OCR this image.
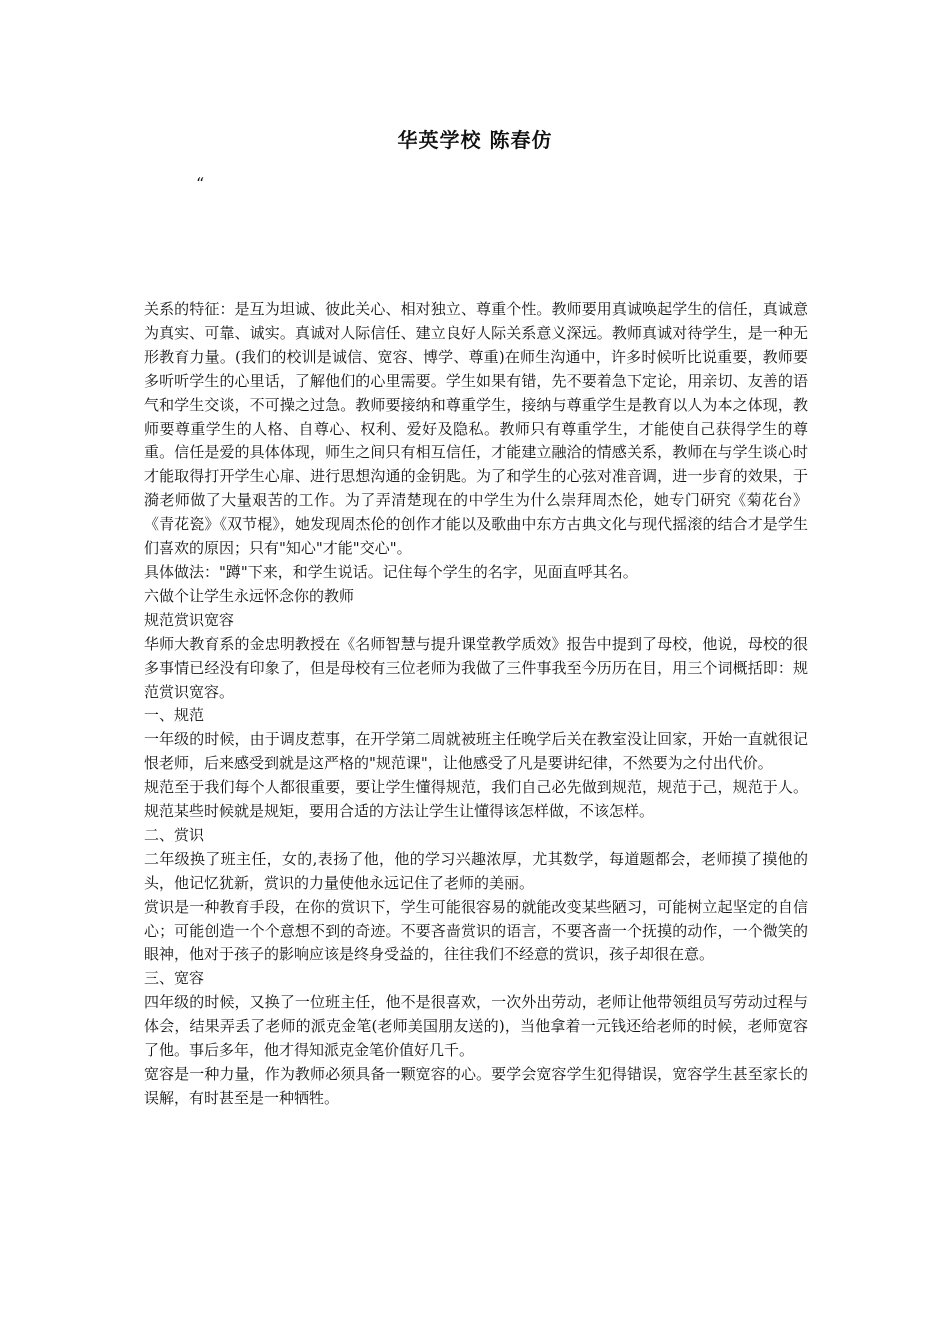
华英学校 陈春仿
“

关系的特征：是互为坦诚、彼此关心、相对独立、尊重个性。教师要用真诚唤起学生的信任，真诚意为真实、可靠、诚实。真诚对人际信任、建立良好人际关系意义深远。教师真诚对待学生，是一种无形教育力量。(我们的校训是诚信、宽容、博学、尊重)在师生沟通中，许多时候听比说重要，教师要多听听学生的心里话，了解他们的心里需要。学生如果有错，先不要着急下定论，用亲切、友善的语气和学生交谈，不可操之过急。教师要接纳和尊重学生，接纳与尊重学生是教育以人为本之体现，教师要尊重学生的人格、自尊心、权利、爱好及隐私。教师只有尊重学生，才能使自己获得学生的尊重。信任是爱的具体体现，师生之间只有相互信任，才能建立融洽的情感关系，教师在与学生谈心时才能取得打开学生心扉、进行思想沟通的金钥匙。为了和学生的心弦对准音调，进一步育的效果，于漪老师做了大量艰苦的工作。为了弄清楚现在的中学生为什么崇拜周杰伦，她专门研究《菊花台》《青花瓷》《双节棍》，她发现周杰伦的创作才能以及歌曲中东方古典文化与现代摇滚的结合才是学生们喜欢的原因；只有"知心"才能"交心"。

具体做法："蹲"下来，和学生说话。记住每个学生的名字，见面直呼其名。

六做个让学生永远怀念你的教师

规范赏识宽容

华师大教育系的金忠明教授在《名师智慧与提升课堂教学质效》报告中提到了母校，他说，母校的很多事情已经没有印象了，但是母校有三位老师为我做了三件事我至今历历在目，用三个词概括即：规范赏识宽容。

一、规范

一年级的时候，由于调皮惹事，在开学第二周就被班主任晚学后关在教室没让回家，开始一直就很记恨老师，后来感受到就是这严格的"规范课"，让他感受了凡是要讲纪律，不然要为之付出代价。

规范至于我们每个人都很重要，要让学生懂得规范，我们自己必先做到规范，规范于己，规范于人。规范某些时候就是规矩，要用合适的方法让学生让懂得该怎样做，不该怎样。

二、赏识

二年级换了班主任，女的,表扬了他，他的学习兴趣浓厚，尤其数学，每道题都会，老师摸了摸他的头，他记忆犹新，赏识的力量使他永远记住了老师的美丽。

赏识是一种教育手段，在你的赏识下，学生可能很容易的就能改变某些陋习，可能树立起坚定的自信心；可能创造一个个意想不到的奇迹。不要吝啬赏识的语言，不要吝啬一个抚摸的动作，一个微笑的眼神，他对于孩子的影响应该是终身受益的，往往我们不经意的赏识，孩子却很在意。

三、宽容

四年级的时候，又换了一位班主任，他不是很喜欢，一次外出劳动，老师让他带领组员写劳动过程与体会，结果弄丢了老师的派克金笔(老师美国朋友送的)，当他拿着一元钱还给老师的时候，老师宽容了他。事后多年，他才得知派克金笔价值好几千。

宽容是一种力量，作为教师必须具备一颗宽容的心。要学会宽容学生犯得错误，宽容学生甚至家长的误解，有时甚至是一种牺牲。
